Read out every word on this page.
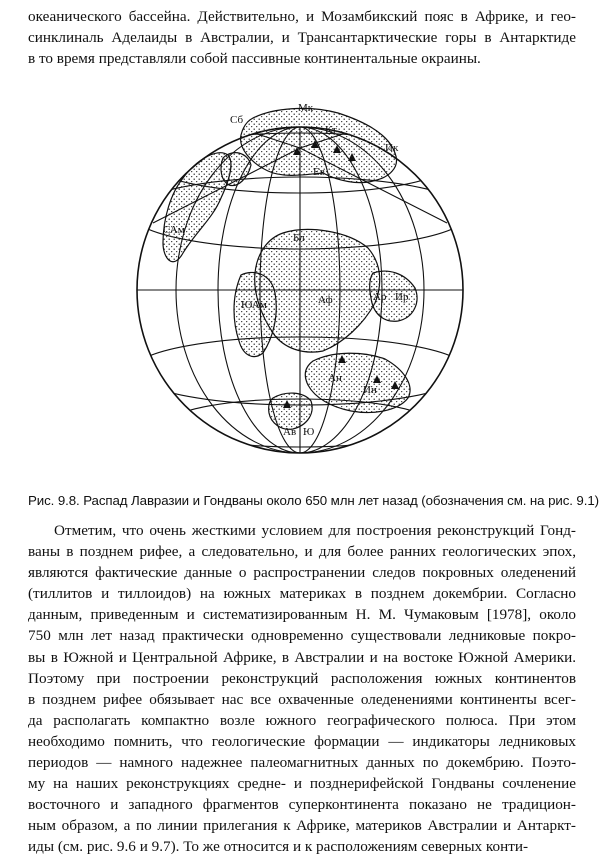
океанического бассейна. Действительно, и Мозамбикский пояс в Африке, и гео-
синклиналь Аделаиды в Австралии, и Трансантарктические горы в Антарктиде
в то время представляли собой пассивные континентальные окраины.

Мк
Сб
Кт
Ик
Ев
САм
Бл
ЮАм	Аф	Ар Ир
Ан
Ин
Ав Ю
Рис. 9.8. Распад Лавразии и Гондваны около 650 млн лет назад (обозначения см. на рис. 9.1)
Отметим, что очень жесткими условием для построения реконструкций Гонд-
ваны в позднем рифее, а следовательно, и для более ранних геологических эпох,
являются фактические данные о распространении следов покровных оледенений
(тиллитов и тиллоидов) на южных материках в позднем докембрии. Согласно
данным, приведенным и систематизированным Н. М. Чумаковым [1978], около
750 млн лет назад практически одновременно существовали ледниковые покро-
вы в Южной и Центральной Африке, в Австралии и на востоке Южной Америки.
Поэтому при построении реконструкций расположения южных континентов
в позднем рифее обязывает нас все охваченные оледенениями континенты всег-
да располагать компактно возле южного географического полюса. При этом
необходимо помнить, что геологические формации — индикаторы ледниковых
периодов — намного надежнее палеомагнитных данных по докембрию. Поэто-
му на наших реконструкциях средне- и позднерифейской Гондваны сочленение
восточного и западного фрагментов суперконтинента показано не традицион-
ным образом, а по линии прилегания к Африке, материков Австралии и Антаркт-
иды (см. рис. 9.6 и 9.7). То же относится и к расположениям северных конти-
